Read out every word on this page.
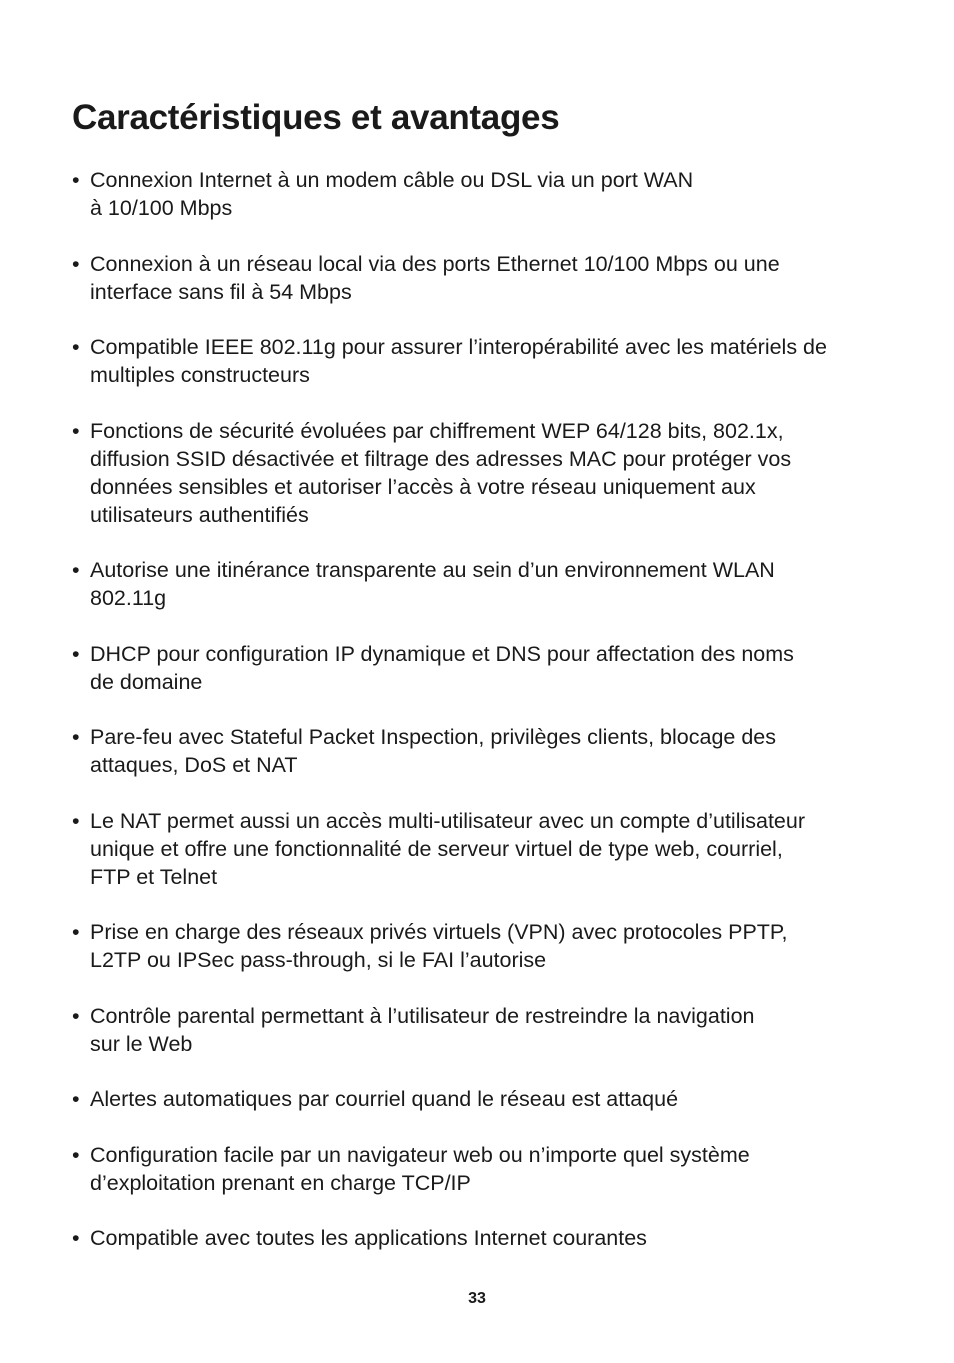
Caractéristiques et avantages
• Connexion Internet à un modem câble ou DSL via un port WAN
à 10/100 Mbps
• Connexion à un réseau local via des ports Ethernet 10/100 Mbps ou une
interface sans fil à 54 Mbps
• Compatible IEEE 802.11g pour assurer l’interopérabilité avec les matériels de
multiples constructeurs
• Fonctions de sécurité évoluées par chiffrement WEP 64/128 bits, 802.1x,
diffusion SSID désactivée et filtrage des adresses MAC pour protéger vos
données sensibles et autoriser l’accès à votre réseau uniquement aux
utilisateurs authentifiés
• Autorise une itinérance transparente au sein d’un environnement WLAN
802.11g
• DHCP pour configuration IP dynamique et DNS pour affectation des noms
de domaine
• Pare-feu avec Stateful Packet Inspection, privilèges clients, blocage des
attaques, DoS et NAT
• Le NAT permet aussi un accès multi-utilisateur avec un compte d’utilisateur
unique et offre une fonctionnalité de serveur virtuel de type web, courriel,
FTP et Telnet
• Prise en charge des réseaux privés virtuels (VPN) avec protocoles PPTP,
L2TP ou IPSec pass-through, si le FAI l’autorise
• Contrôle parental permettant à l’utilisateur de restreindre la navigation
sur le Web
• Alertes automatiques par courriel quand le réseau est attaqué
• Configuration facile par un navigateur web ou n’importe quel système
d’exploitation prenant en charge TCP/IP
• Compatible avec toutes les applications Internet courantes
33
